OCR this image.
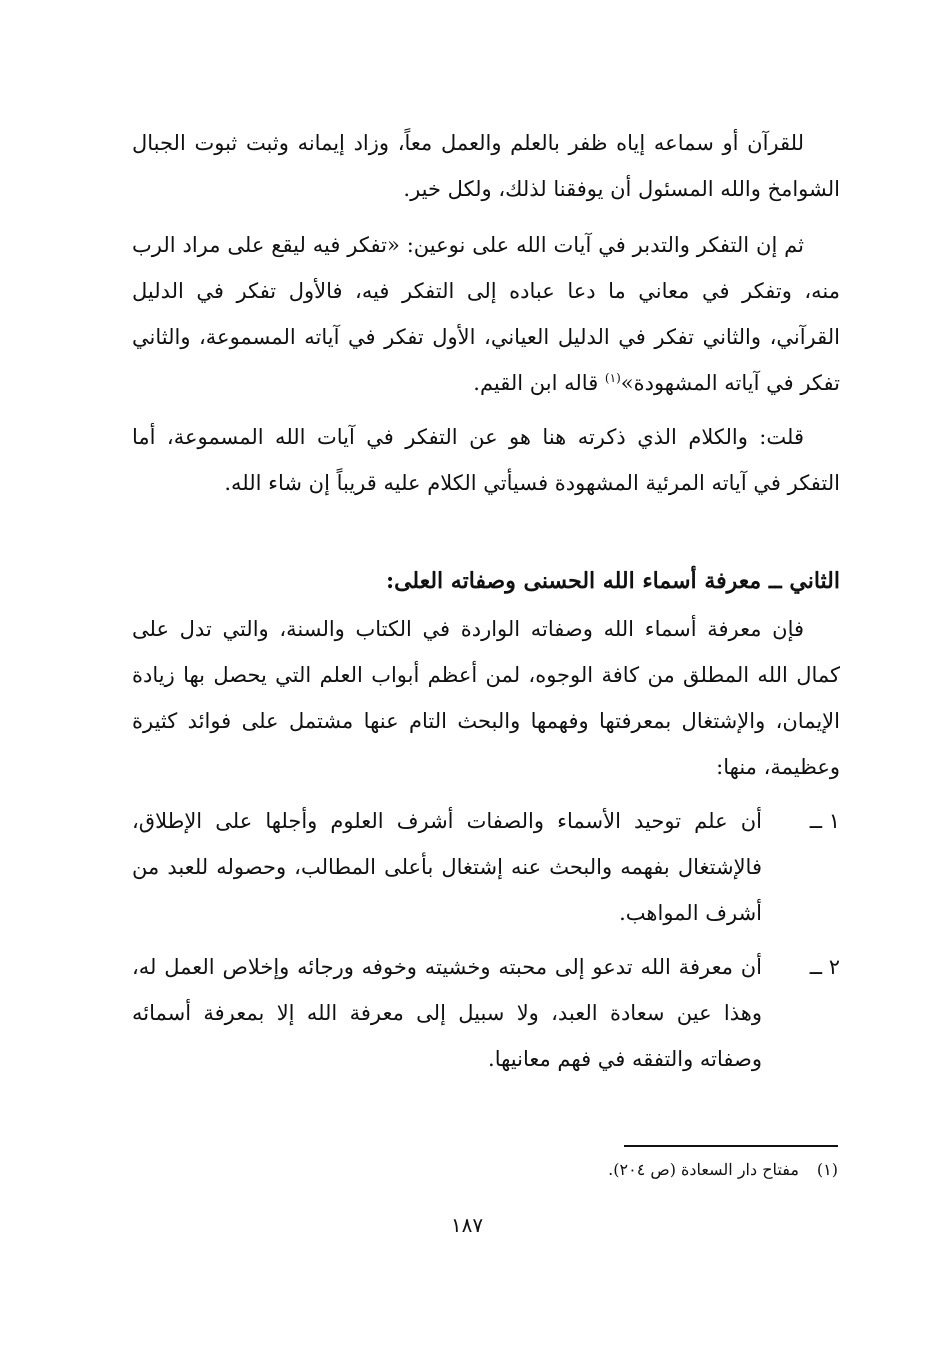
للقرآن أو سماعه إياه ظفر بالعلم والعمل معاً، وزاد إيمانه وثبت ثبوت الجبال الشوامخ والله المسئول أن يوفقنا لذلك، ولكل خير.

ثم إن التفكر والتدبر في آيات الله على نوعين: «تفكر فيه ليقع على مراد الرب منه، وتفكر في معاني ما دعا عباده إلى التفكر فيه، فالأول تفكر في الدليل القرآني، والثاني تفكر في الدليل العياني، الأول تفكر في آياته المسموعة، والثاني تفكر في آياته المشهودة»$^{(١)}$ قاله ابن القيم.

قلت: والكلام الذي ذكرته هنا هو عن التفكر في آيات الله المسموعة، أما التفكر في آياته المرئية المشهودة فسيأتي الكلام عليه قريباً إن شاء الله.

الثاني ــ معرفة أسماء الله الحسنى وصفاته العلى:

فإن معرفة أسماء الله وصفاته الواردة في الكتاب والسنة، والتي تدل على كمال الله المطلق من كافة الوجوه، لمن أعظم أبواب العلم التي يحصل بها زيادة الإيمان، والإشتغال بمعرفتها وفهمها والبحث التام عنها مشتمل على فوائد كثيرة وعظيمة، منها:

١ ــ
أن علم توحيد الأسماء والصفات أشرف العلوم وأجلها على الإطلاق، فالإشتغال بفهمه والبحث عنه إشتغال بأعلى المطالب، وحصوله للعبد من أشرف المواهب.
٢ ــ
أن معرفة الله تدعو إلى محبته وخشيته وخوفه ورجائه وإخلاص العمل له، وهذا عين سعادة العبد، ولا سبيل إلى معرفة الله إلا بمعرفة أسمائه وصفاته والتفقه في فهم معانيها.
(١)مفتاح دار السعادة (ص ٢٠٤).
١٨٧
